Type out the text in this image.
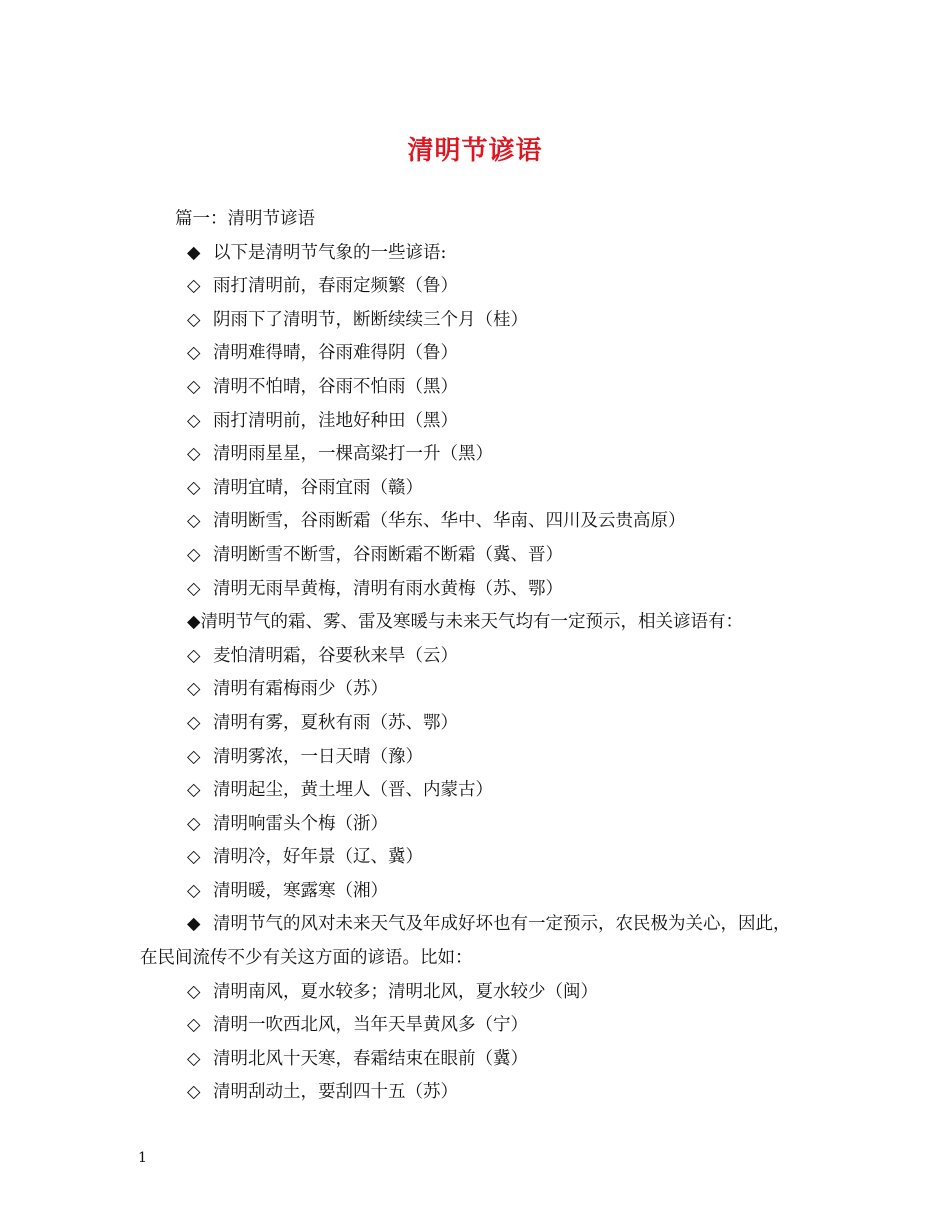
清明节谚语
篇一：清明节谚语
◆ 以下是清明节气象的一些谚语:
◇ 雨打清明前，春雨定频繁（鲁）
◇ 阴雨下了清明节，断断续续三个月（桂）
◇ 清明难得晴，谷雨难得阴（鲁）
◇ 清明不怕晴，谷雨不怕雨（黑）
◇ 雨打清明前，洼地好种田（黑）
◇ 清明雨星星，一棵高粱打一升（黑）
◇ 清明宜晴，谷雨宜雨（赣）
◇ 清明断雪，谷雨断霜（华东、华中、华南、四川及云贵高原）
◇ 清明断雪不断雪，谷雨断霜不断霜（冀、晋）
◇ 清明无雨旱黄梅，清明有雨水黄梅（苏、鄂）
◆清明节气的霜、雾、雷及寒暖与未来天气均有一定预示，相关谚语有：
◇ 麦怕清明霜，谷要秋来旱（云）
◇ 清明有霜梅雨少（苏）
◇ 清明有雾，夏秋有雨（苏、鄂）
◇ 清明雾浓，一日天晴（豫）
◇ 清明起尘，黄土埋人（晋、内蒙古）
◇ 清明响雷头个梅（浙）
◇ 清明冷，好年景（辽、冀）
◇ 清明暖，寒露寒（湘）
◆ 清明节气的风对未来天气及年成好坏也有一定预示，农民极为关心，因此，
在民间流传不少有关这方面的谚语。比如：
◇ 清明南风，夏水较多；清明北风，夏水较少（闽）
◇ 清明一吹西北风，当年天旱黄风多（宁）
◇ 清明北风十天寒，春霜结束在眼前（冀）
◇ 清明刮动土，要刮四十五（苏）
1
